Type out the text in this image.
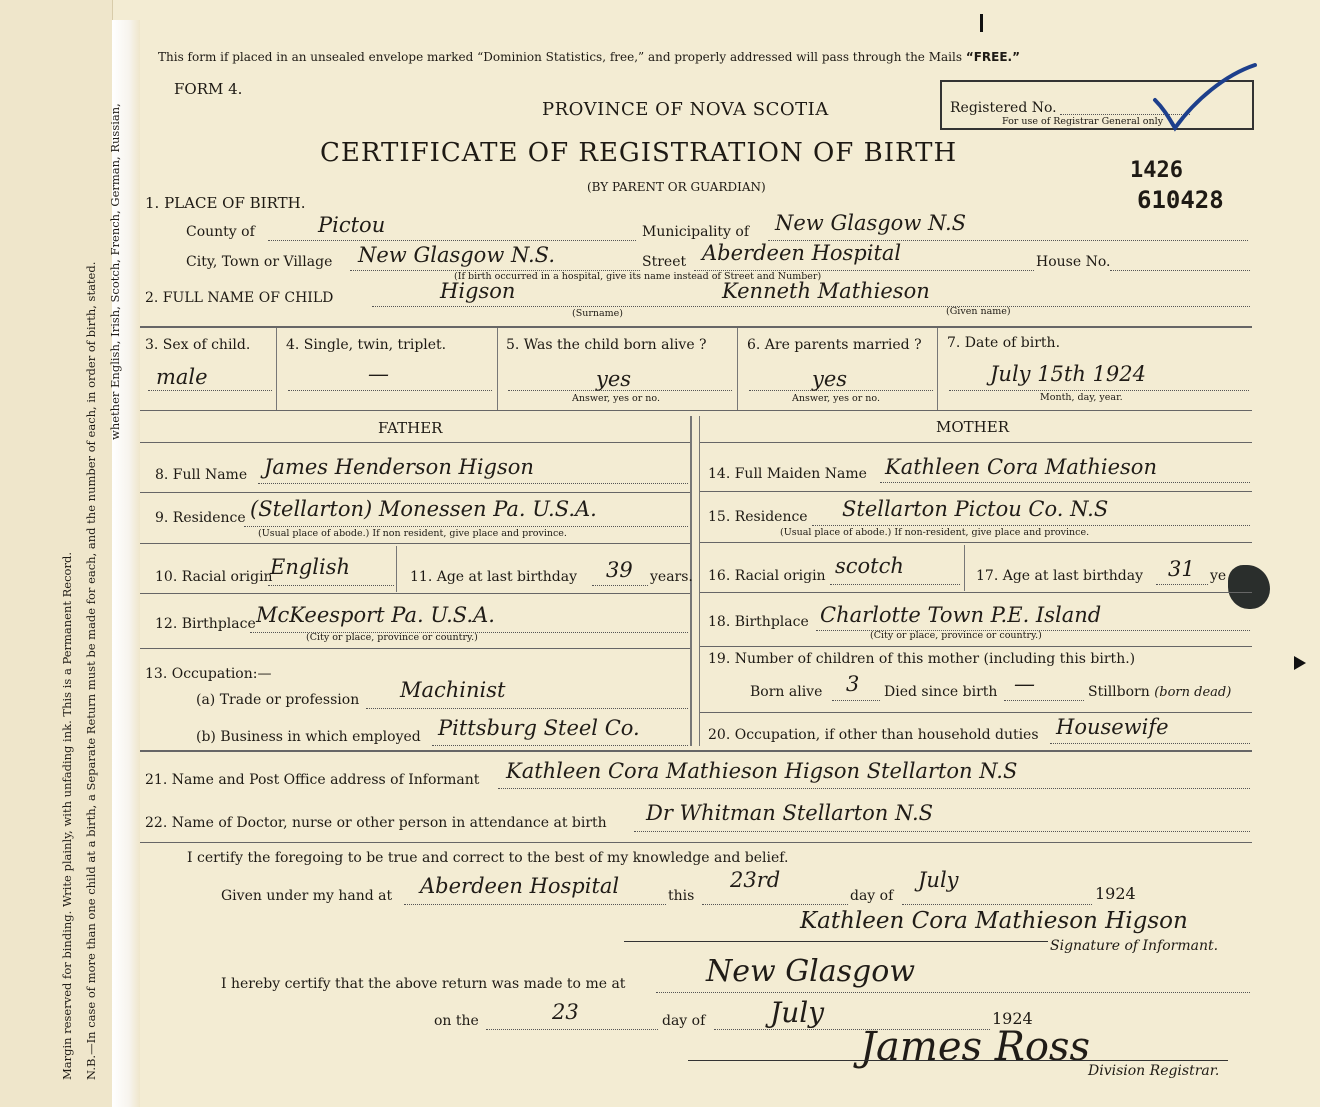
Margin reserved for binding. Write plainly, with unfading ink. This is a Permanent Record. N.B.—In case of more than one child at a birth, a Separate Return must be made for each, and the number of each, in order of birth, stated. whether English, Irish, Scotch, French, German, Russian,
This form if placed in an unsealed envelope marked “Dominion Statistics, free,” and properly addressed will pass through the Mails “FREE.”
FORM 4.
PROVINCE OF NOVA SCOTIA
CERTIFICATE OF REGISTRATION OF BIRTH
(BY PARENT OR GUARDIAN)
Registered No.
For use of Registrar General only
1426
610428
1. PLACE OF BIRTH.
County of	Pictou	Municipality of New Glasgow N.S
City, Town or Village New Glasgow N.S.	Street Aberdeen Hospital	House No.
(If birth occurred in a hospital, give its name instead of Street and Number)
2. FULL NAME OF CHILD	Higson	Kenneth Mathieson
(Surname)	(Given name)
3. Sex of child.
male
4. Single, twin, triplet.
—
5. Was the child born alive ?
yes
Answer, yes or no.
6. Are parents married ?
yes
Answer, yes or no.
7. Date of birth.
July 15th 1924
Month, day, year.
FATHER	MOTHER
8. Full Name James Henderson Higson
9. Residence (Stellarton) Monessen Pa. U.S.A.
(Usual place of abode.) If non resident, give place and province.
10. Racial origin
English	11. Age at last birthday 39 years.
12. Birthplace McKeesport Pa. U.S.A.
(City or place, province or country.)
13. Occupation:—
(a) Trade or profession Machinist
(b) Business in which employed Pittsburg Steel Co.
14. Full Maiden Name Kathleen Cora Mathieson
15. Residence Stellarton Pictou Co. N.S
(Usual place of abode.) If non-resident, give place and province.
16. Racial origin scotch	17. Age at last birthday 31 ye
18. Birthplace Charlotte Town P.E. Island
(City or place, province or country.)
19. Number of children of this mother (including this birth.)
Born alive 3 Died since birth —	Stillborn (born dead)
20. Occupation, if other than household duties Housewife
21. Name and Post Office address of Informant Kathleen Cora Mathieson Higson Stellarton N.S
22. Name of Doctor, nurse or other person in attendance at birth Dr Whitman Stellarton N.S
I certify the foregoing to be true and correct to the best of my knowledge and belief.
Given under my hand at Aberdeen Hospital	this
23rd
day of
July
1924
Kathleen Cora Mathieson Higson
Signature of Informant.
I hereby certify that the above return was made to me at	New Glasgow
on the	23	day of July	1924
James Ross
Division Registrar.
